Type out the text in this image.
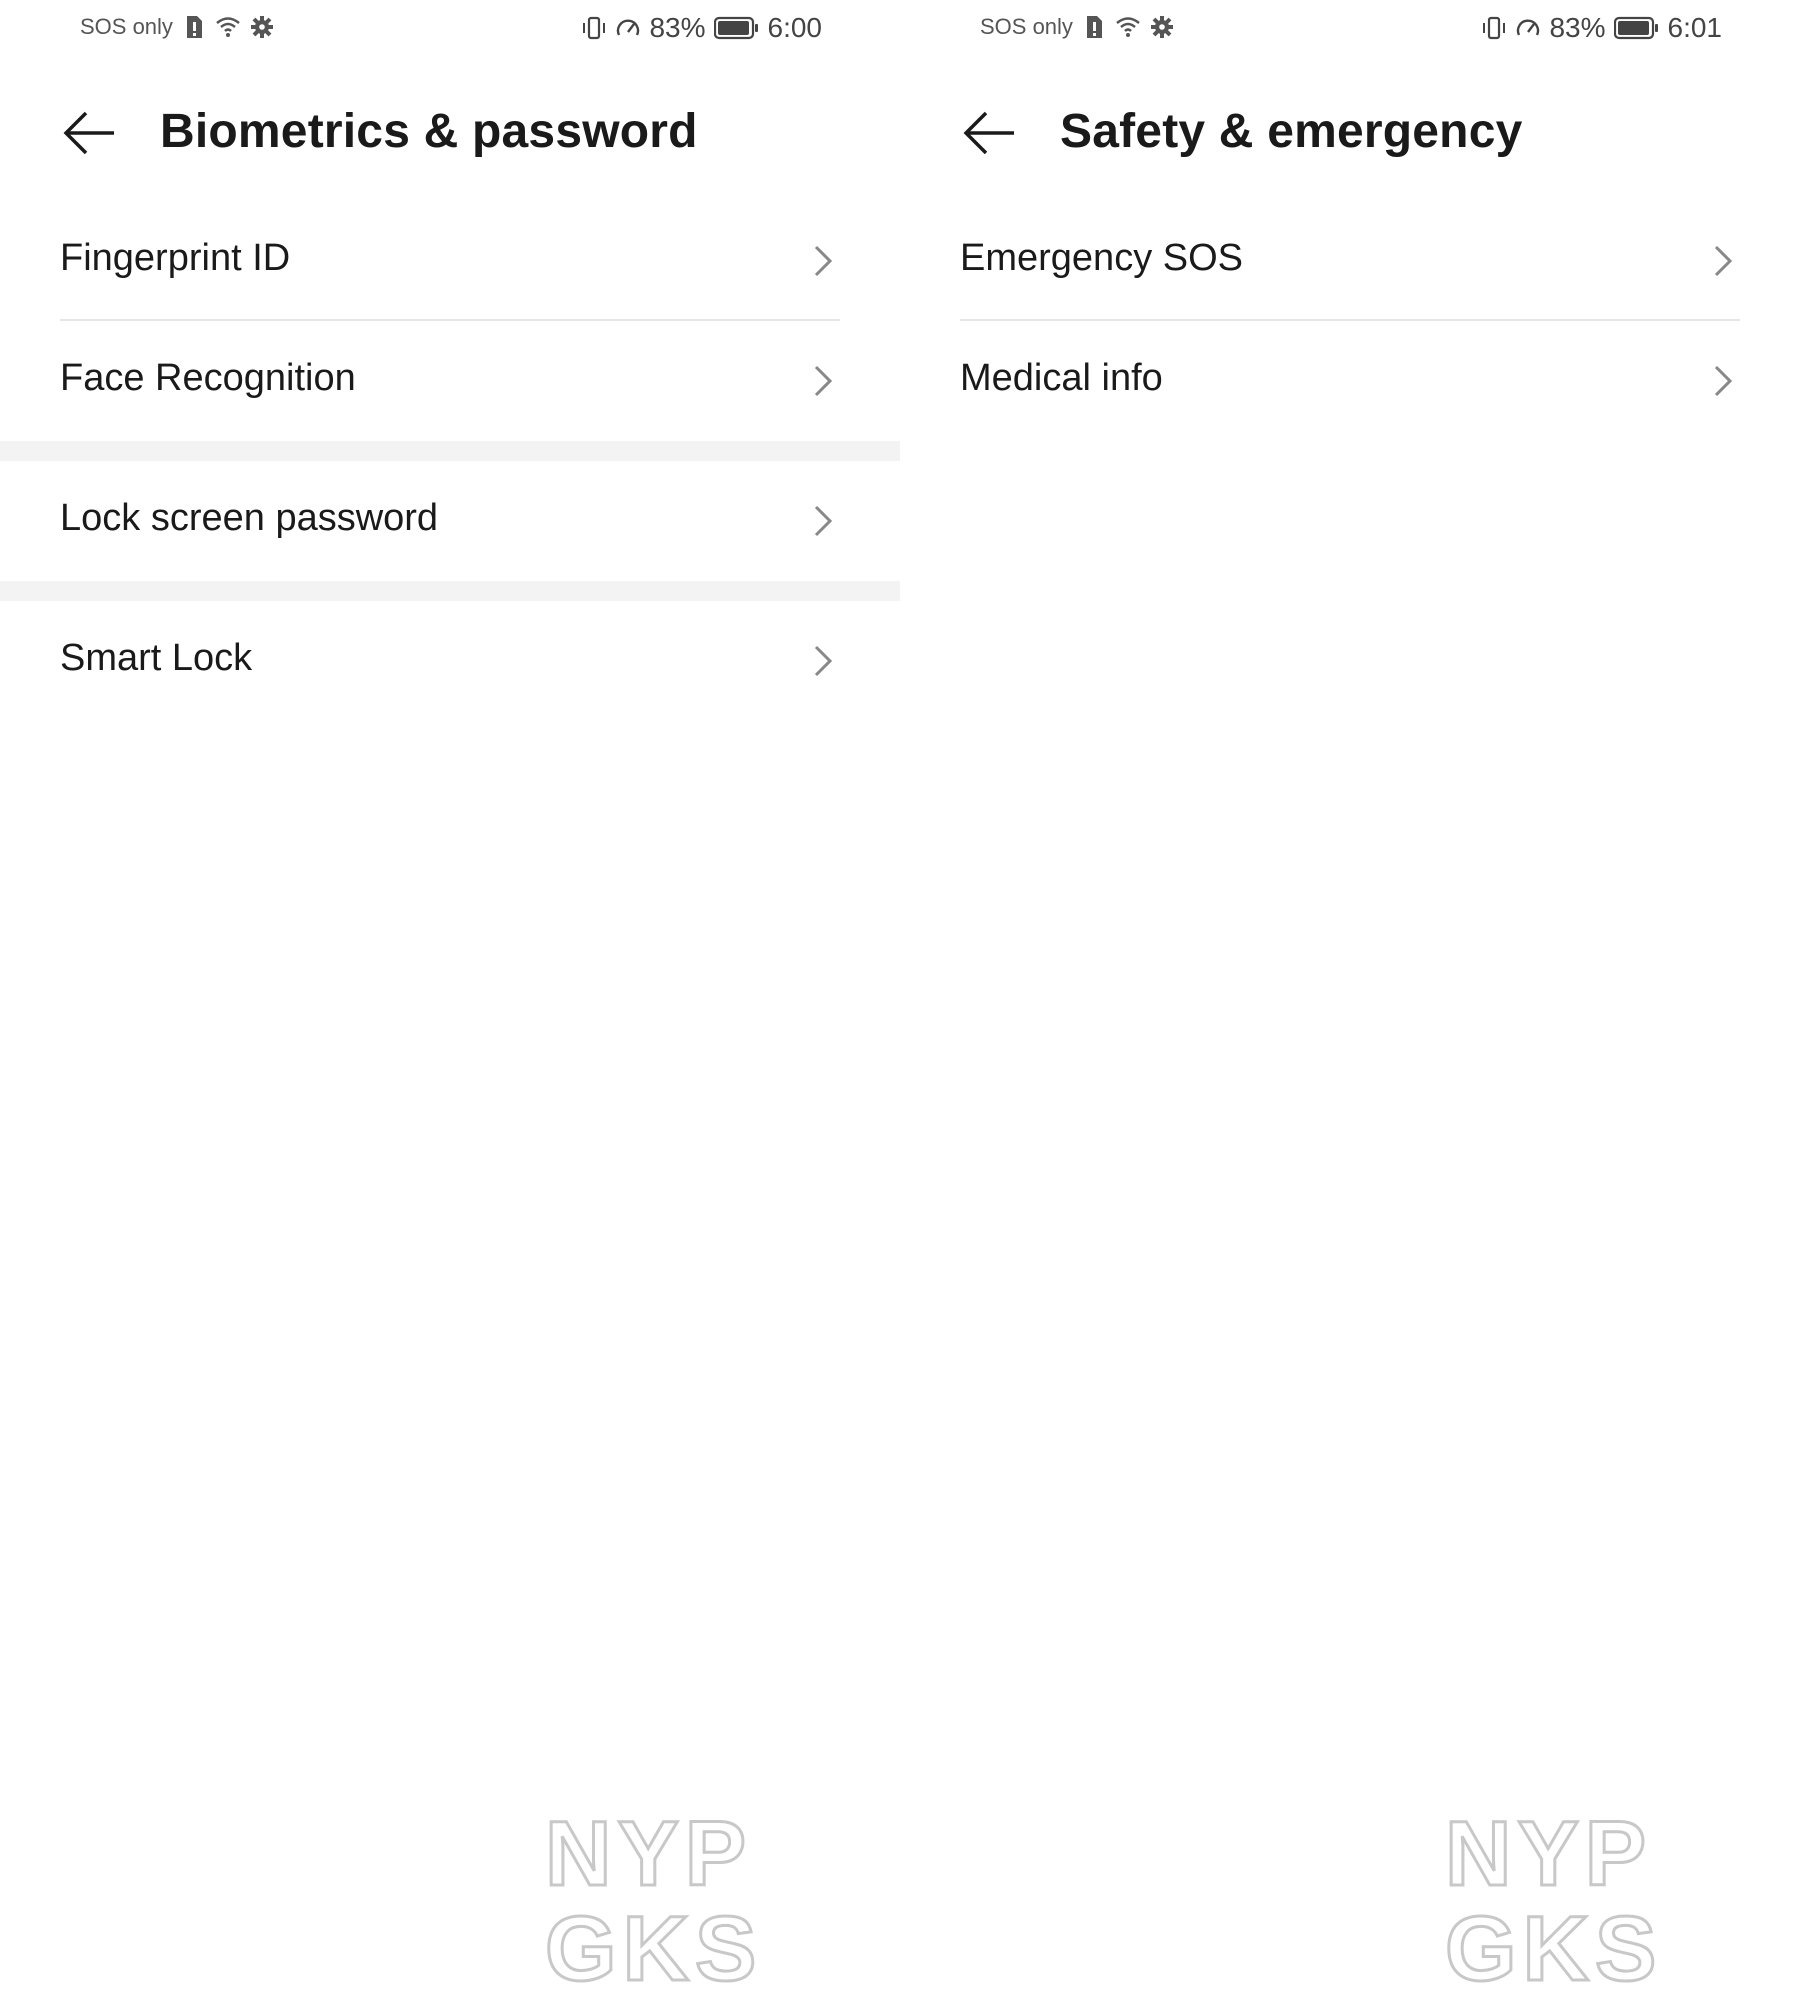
SOS only	83% 6:00
Biometrics & password
Fingerprint ID
Face Recognition
Lock screen password
Smart Lock
NYP
GKS
SOS only	83% 6:01
Safety & emergency
Emergency SOS
Medical info
NYP
GKS
